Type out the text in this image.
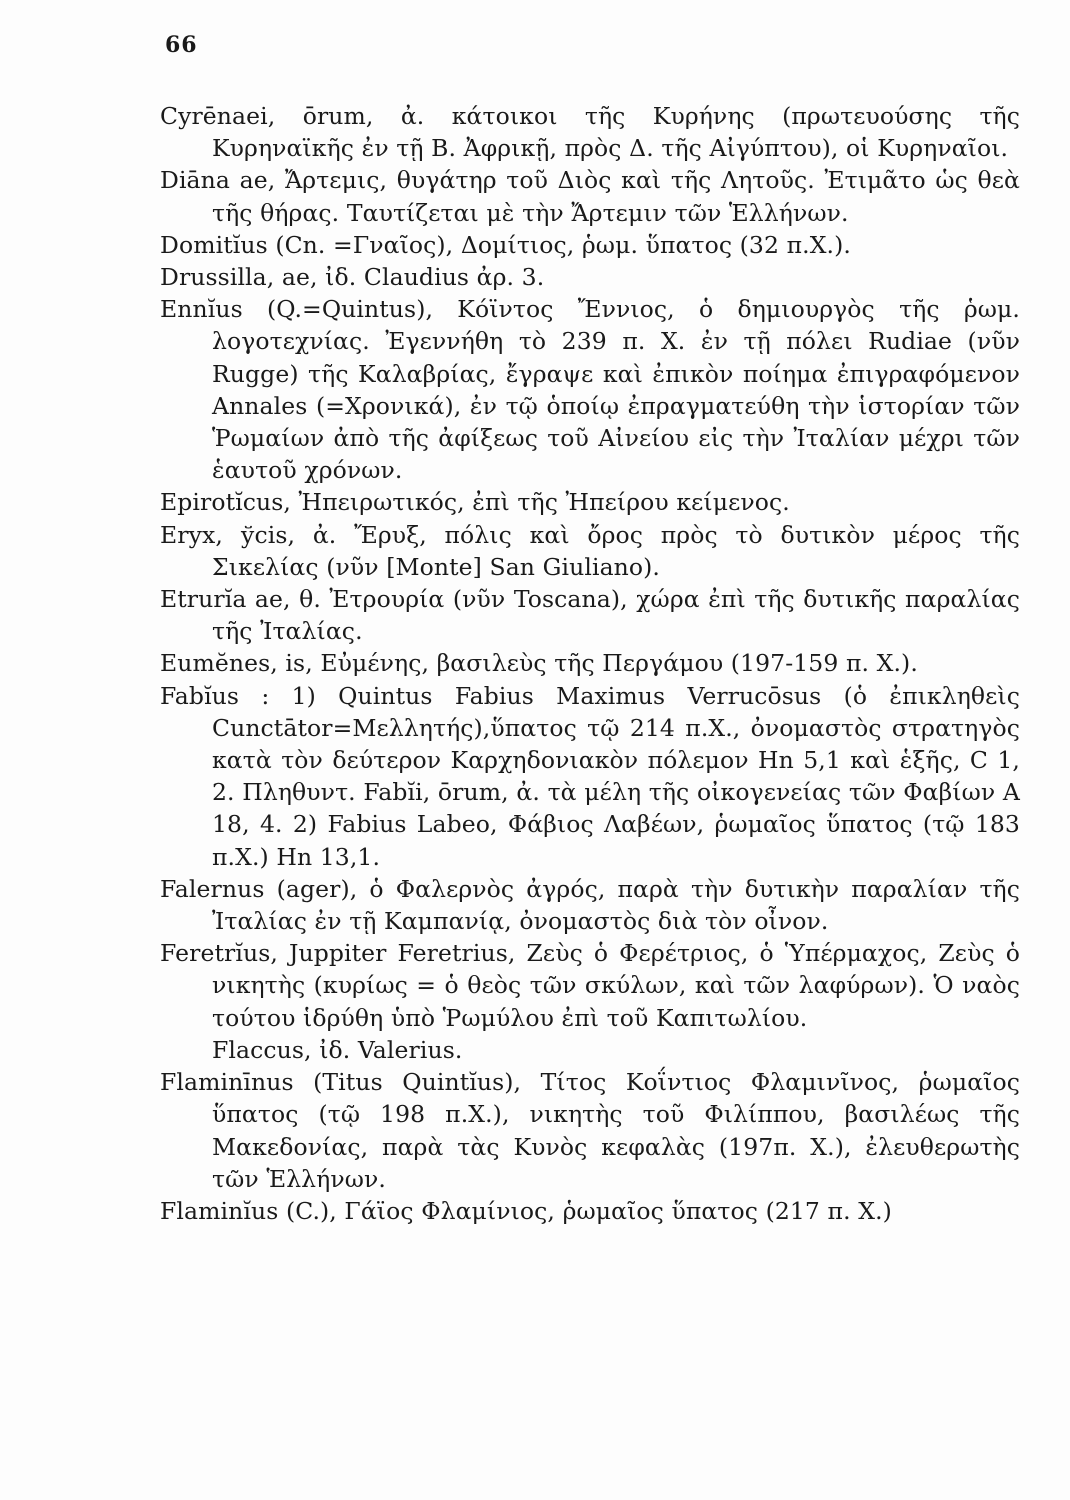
66

Cyrēnaei, ōrum, ἀ. κάτοικοι τῆς Κυρήνης (πρωτευούσης τῆς Κυρηναϊκῆς ἐν τῇ Β. Ἀφρικῇ, πρὸς Δ. τῆς Αἰγύπτου), οἱ Κυρηναῖοι.

Diāna ae, Ἄρτεμις, θυγάτηρ τοῦ Διὸς καὶ τῆς Λητοῦς. Ἐτιμᾶτο ὡς θεὰ τῆς θήρας. Ταυτίζεται μὲ τὴν Ἄρτεμιν τῶν Ἑλλήνων.

Domitĭus (Cn. =Γναῖος), Δομίτιος, ῥωμ. ὕπατος (32 π.Χ.).

Drussilla, ae, ἰδ. Claudius ἀρ. 3.

Ennĭus (Q.=Quintus), Κόϊντος Ἔννιος, ὁ δημιουργὸς τῆς ῥωμ. λογοτεχνίας. Ἐγεννήθη τὸ 239 π. Χ. ἐν τῇ πόλει Rudiae (νῦν Rugge) τῆς Καλαβρίας, ἔγραψε καὶ ἐπικὸν ποίημα ἐπιγραφόμενον Annales (=Χρονικά), ἐν τῷ ὁποίῳ ἐπραγματεύθη τὴν ἱστορίαν τῶν Ῥωμαίων ἀπὸ τῆς ἀφίξεως τοῦ Αἰνείου εἰς τὴν Ἰταλίαν μέχρι τῶν ἑαυτοῦ χρόνων.

Epirotĭcus, Ἠπειρωτικός, ἐπὶ τῆς Ἠπείρου κείμενος.

Eryx, ўcis, ἀ. Ἔρυξ, πόλις καὶ ὄρος πρὸς τὸ δυτικὸν μέρος τῆς Σικελίας (νῦν [Monte] San Giuliano).

Etrurĭa ae, θ. Ἐτρουρία (νῦν Toscana), χώρα ἐπὶ τῆς δυτικῆς παραλίας τῆς Ἰταλίας.

Eumĕnes, is, Εὐμένης, βασιλεὺς τῆς Περγάμου (197-159 π. Χ.).

Fabĭus : 1) Quintus Fabius Maximus Verrucōsus (ὁ ἐπικληθεὶς Cunctātor=Μελλητής),ὕπατος τῷ 214 π.Χ., ὀνομαστὸς στρατηγὸς κατὰ τὸν δεύτερον Καρχηδονιακὸν πόλεμον Hn 5,1 καὶ ἑξῆς, C 1, 2. Πληθυντ. Fabĭi, ōrum, ἀ. τὰ μέλη τῆς οἰκογενείας τῶν Φαβίων A 18, 4. 2) Fabius Labeo, Φάβιος Λαβέων, ῥωμαῖος ὕπατος (τῷ 183 π.Χ.) Hn 13,1.

Falernus (ager), ὁ Φαλερνὸς ἀγρός, παρὰ τὴν δυτικὴν παραλίαν τῆς Ἰταλίας ἐν τῇ Καμπανίᾳ, ὀνομαστὸς διὰ τὸν οἶνον.

Feretrĭus, Juppiter Feretrius, Ζεὺς ὁ Φερέτριος, ὁ Ὑπέρμαχος, Ζεὺς ὁ νικητὴς (κυρίως = ὁ θεὸς τῶν σκύλων, καὶ τῶν λαφύρων). Ὁ ναὸς τούτου ἱδρύθη ὑπὸ Ῥωμύλου ἐπὶ τοῦ Καπιτωλίου.

Flaccus, ἰδ. Valerius.

Flaminīnus (Titus Quintĭus), Τίτος Κοΐντιος Φλαμινῖνος, ῥωμαῖος ὕπατος (τῷ 198 π.Χ.), νικητὴς τοῦ Φιλίππου, βασιλέως τῆς Μακεδονίας, παρὰ τὰς Κυνὸς κεφαλὰς (197π. Χ.), ἐλευθερωτὴς τῶν Ἑλλήνων.

Flaminĭus (C.), Γάϊος Φλαμίνιος, ῥωμαῖος ὕπατος (217 π. Χ.)
